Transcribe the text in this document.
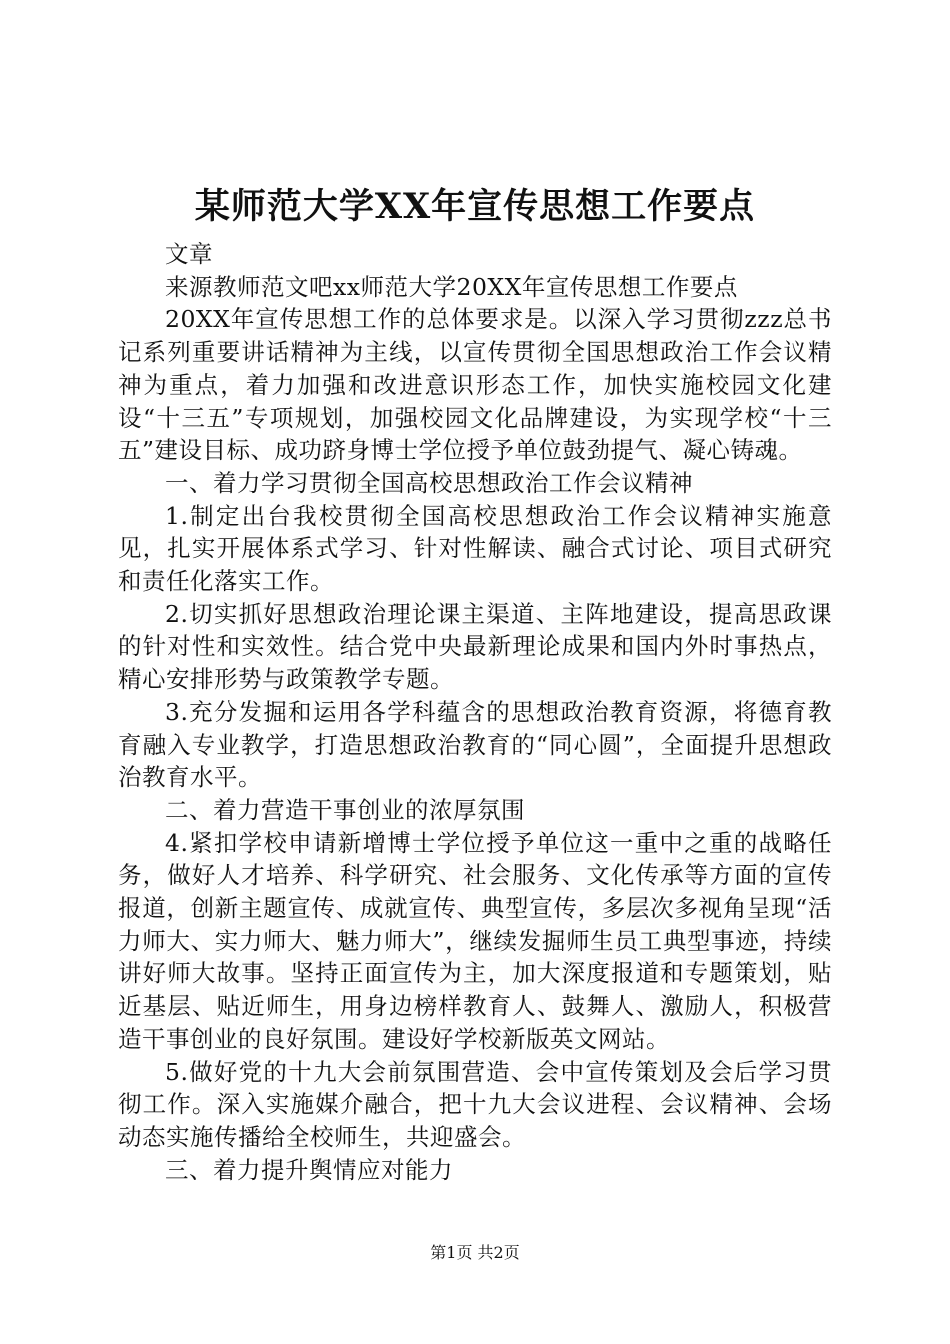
某师范大学XX年宣传思想工作要点

文章

来源教师范文吧xx师范大学20XX年宣传思想工作要点

20XX年宣传思想工作的总体要求是。以深入学习贯彻zzz总书记系列重要讲话精神为主线，以宣传贯彻全国思想政治工作会议精神为重点，着力加强和改进意识形态工作，加快实施校园文化建设“十三五”专项规划，加强校园文化品牌建设，为实现学校“十三五”建设目标、成功跻身博士学位授予单位鼓劲提气、凝心铸魂。

一、着力学习贯彻全国高校思想政治工作会议精神

1.制定出台我校贯彻全国高校思想政治工作会议精神实施意见，扎实开展体系式学习、针对性解读、融合式讨论、项目式研究和责任化落实工作。

2.切实抓好思想政治理论课主渠道、主阵地建设，提高思政课的针对性和实效性。结合党中央最新理论成果和国内外时事热点，精心安排形势与政策教学专题。

3.充分发掘和运用各学科蕴含的思想政治教育资源，将德育教育融入专业教学，打造思想政治教育的“同心圆”，全面提升思想政治教育水平。

二、着力营造干事创业的浓厚氛围

4.紧扣学校申请新增博士学位授予单位这一重中之重的战略任务，做好人才培养、科学研究、社会服务、文化传承等方面的宣传报道，创新主题宣传、成就宣传、典型宣传，多层次多视角呈现“活力师大、实力师大、魅力师大”，继续发掘师生员工典型事迹，持续讲好师大故事。坚持正面宣传为主，加大深度报道和专题策划，贴近基层、贴近师生，用身边榜样教育人、鼓舞人、激励人，积极营造干事创业的良好氛围。建设好学校新版英文网站。

5.做好党的十九大会前氛围营造、会中宣传策划及会后学习贯彻工作。深入实施媒介融合，把十九大会议进程、会议精神、会场动态实施传播给全校师生，共迎盛会。

三、着力提升舆情应对能力

第1页 共2页
